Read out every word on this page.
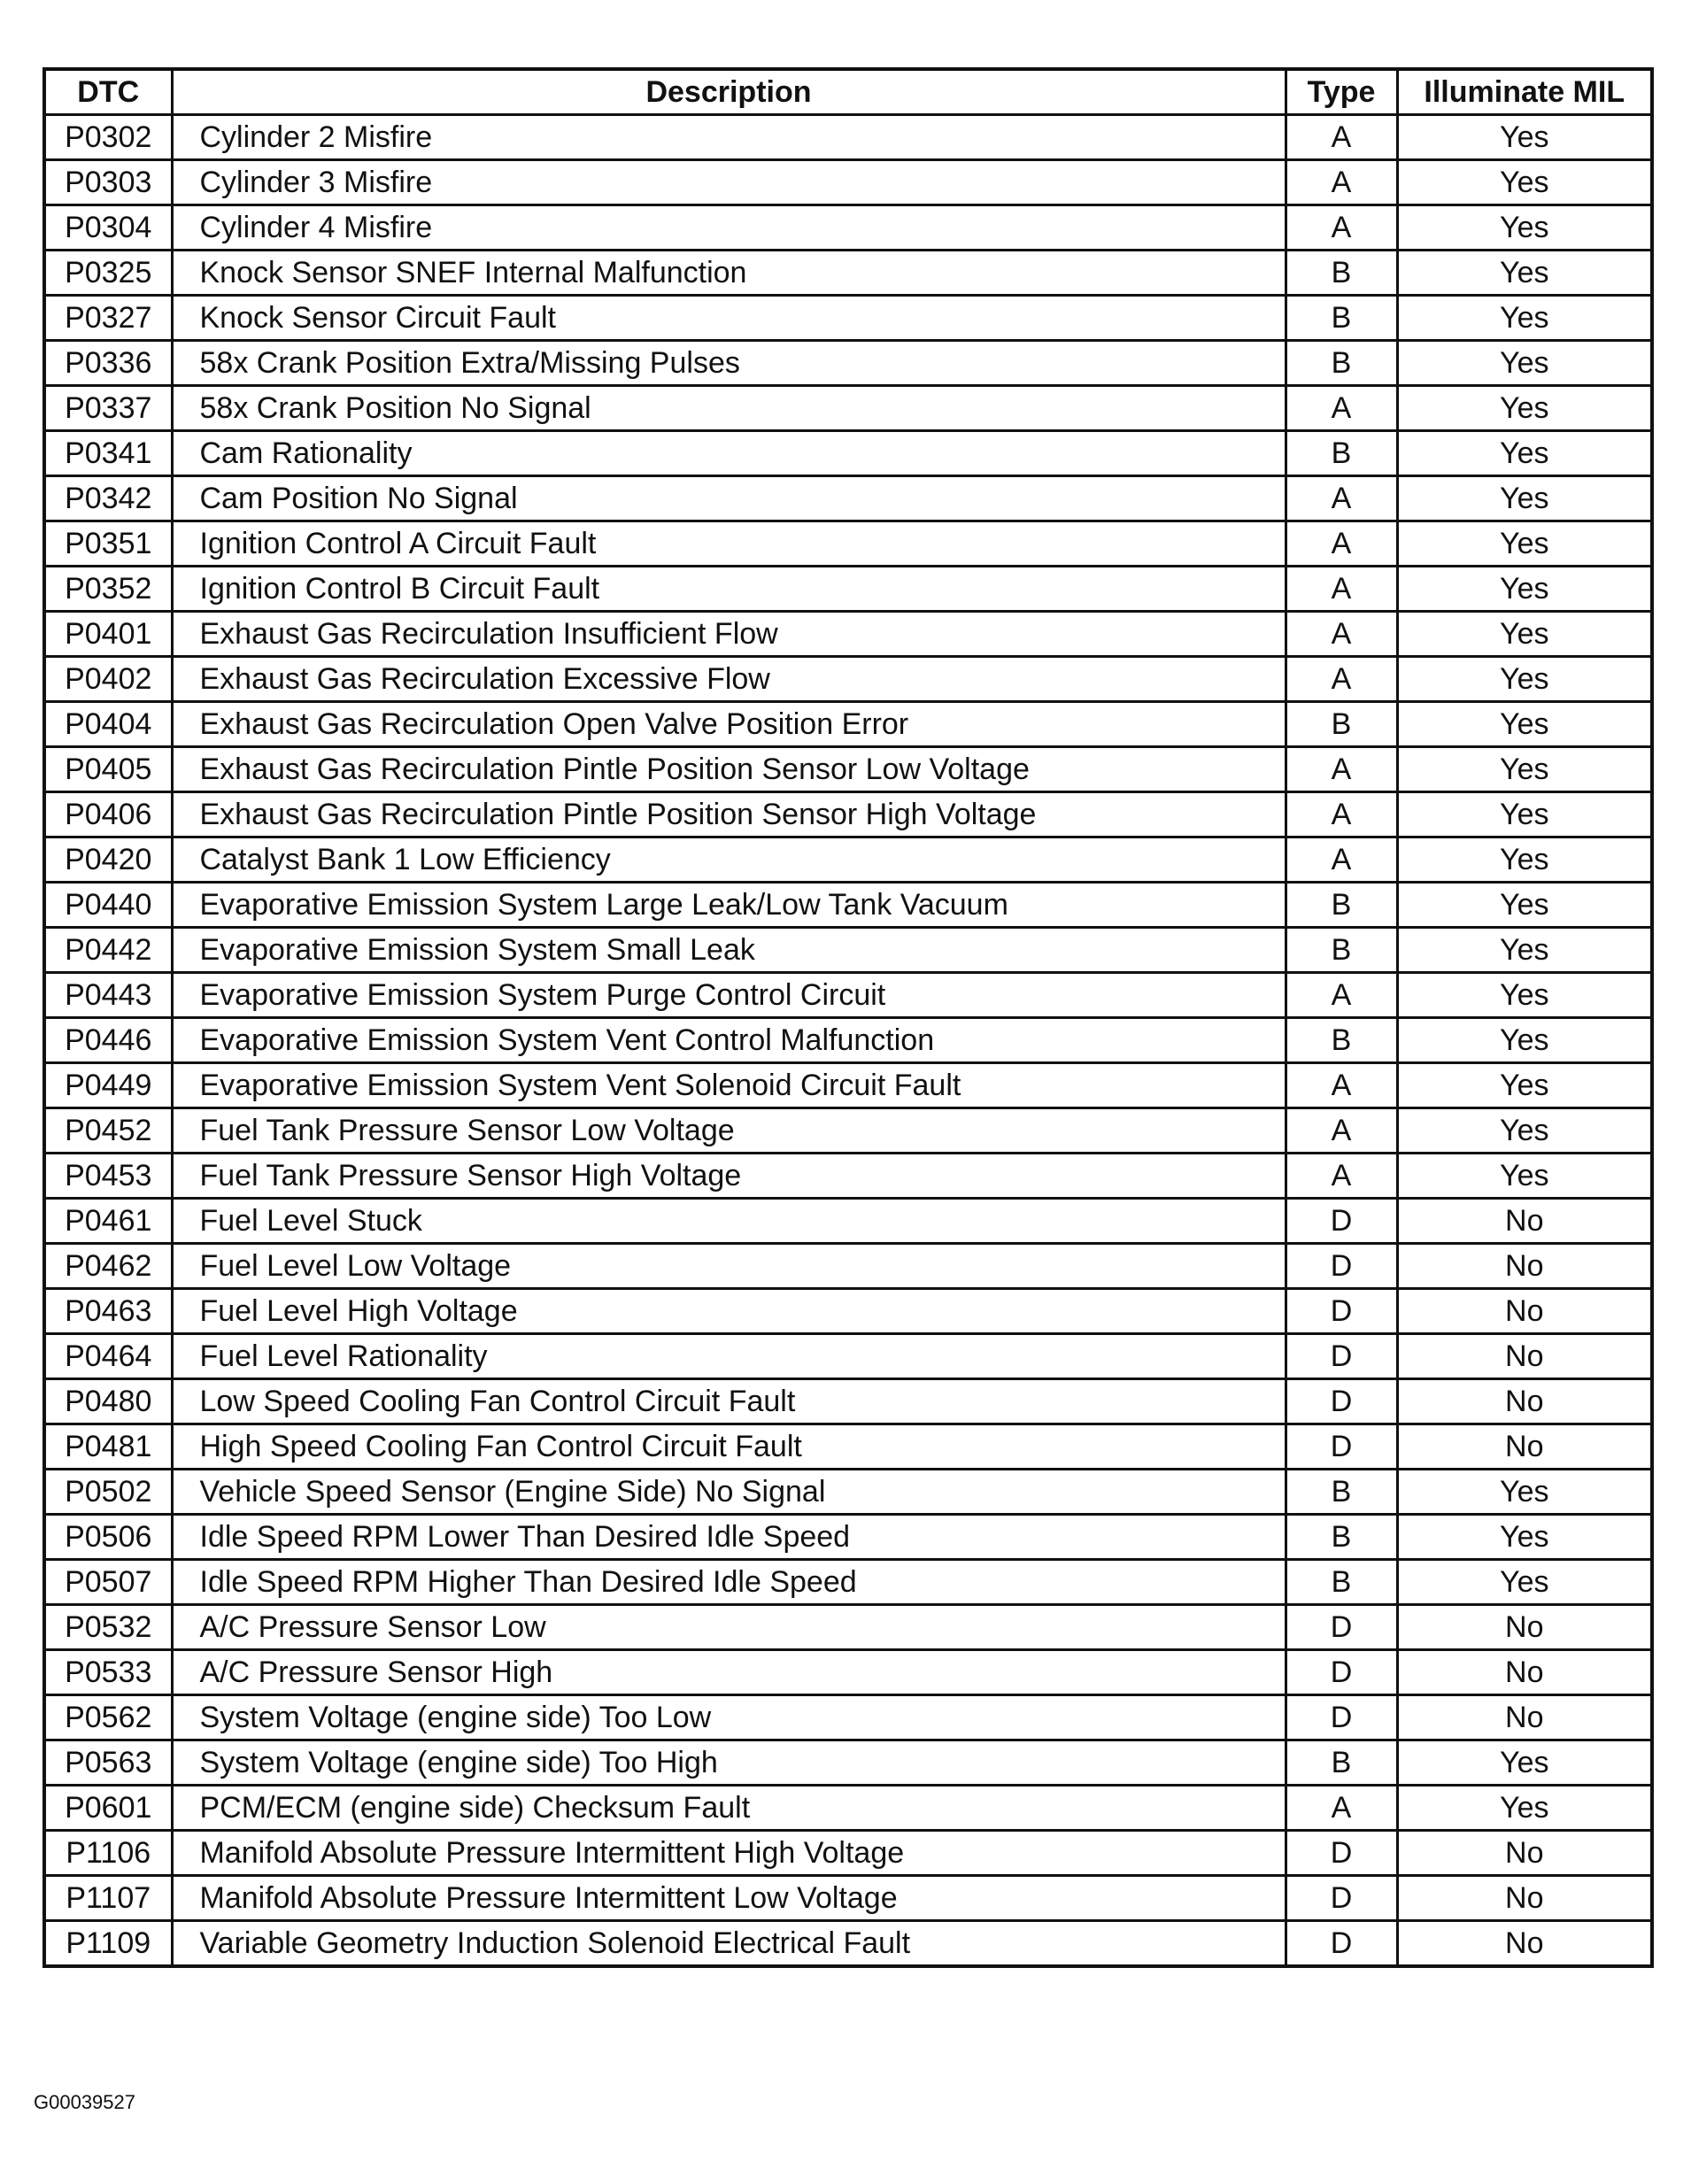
DTC	Description	Type	Illuminate MIL
P0302	Cylinder 2 Misfire	A	Yes
P0303	Cylinder 3 Misfire	A	Yes
P0304	Cylinder 4 Misfire	A	Yes
P0325	Knock Sensor SNEF Internal Malfunction	B	Yes
P0327	Knock Sensor Circuit Fault	B	Yes
P0336	58x Crank Position Extra/Missing Pulses	B	Yes
P0337	58x Crank Position No Signal	A	Yes
P0341	Cam Rationality	B	Yes
P0342	Cam Position No Signal	A	Yes
P0351	Ignition Control A Circuit Fault	A	Yes
P0352	Ignition Control B Circuit Fault	A	Yes
P0401	Exhaust Gas Recirculation Insufficient Flow	A	Yes
P0402	Exhaust Gas Recirculation Excessive Flow	A	Yes
P0404	Exhaust Gas Recirculation Open Valve Position Error	B	Yes
P0405	Exhaust Gas Recirculation Pintle Position Sensor Low Voltage	A	Yes
P0406	Exhaust Gas Recirculation Pintle Position Sensor High Voltage	A	Yes
P0420	Catalyst Bank 1 Low Efficiency	A	Yes
P0440	Evaporative Emission System Large Leak/Low Tank Vacuum	B	Yes
P0442	Evaporative Emission System Small Leak	B	Yes
P0443	Evaporative Emission System Purge Control Circuit	A	Yes
P0446	Evaporative Emission System Vent Control Malfunction	B	Yes
P0449	Evaporative Emission System Vent Solenoid Circuit Fault	A	Yes
P0452	Fuel Tank Pressure Sensor Low Voltage	A	Yes
P0453	Fuel Tank Pressure Sensor High Voltage	A	Yes
P0461	Fuel Level Stuck	D	No
P0462	Fuel Level Low Voltage	D	No
P0463	Fuel Level High Voltage	D	No
P0464	Fuel Level Rationality	D	No
P0480	Low Speed Cooling Fan Control Circuit Fault	D	No
P0481	High Speed Cooling Fan Control Circuit Fault	D	No
P0502	Vehicle Speed Sensor (Engine Side) No Signal	B	Yes
P0506	Idle Speed RPM Lower Than Desired Idle Speed	B	Yes
P0507	Idle Speed RPM Higher Than Desired Idle Speed	B	Yes
P0532	A/C Pressure Sensor Low	D	No
P0533	A/C Pressure Sensor High	D	No
P0562	System Voltage (engine side) Too Low	D	No
P0563	System Voltage (engine side) Too High	B	Yes
P0601	PCM/ECM (engine side) Checksum Fault	A	Yes
P1106	Manifold Absolute Pressure Intermittent High Voltage	D	No
P1107	Manifold Absolute Pressure Intermittent Low Voltage	D	No
P1109	Variable Geometry Induction Solenoid Electrical Fault	D	No
G00039527
